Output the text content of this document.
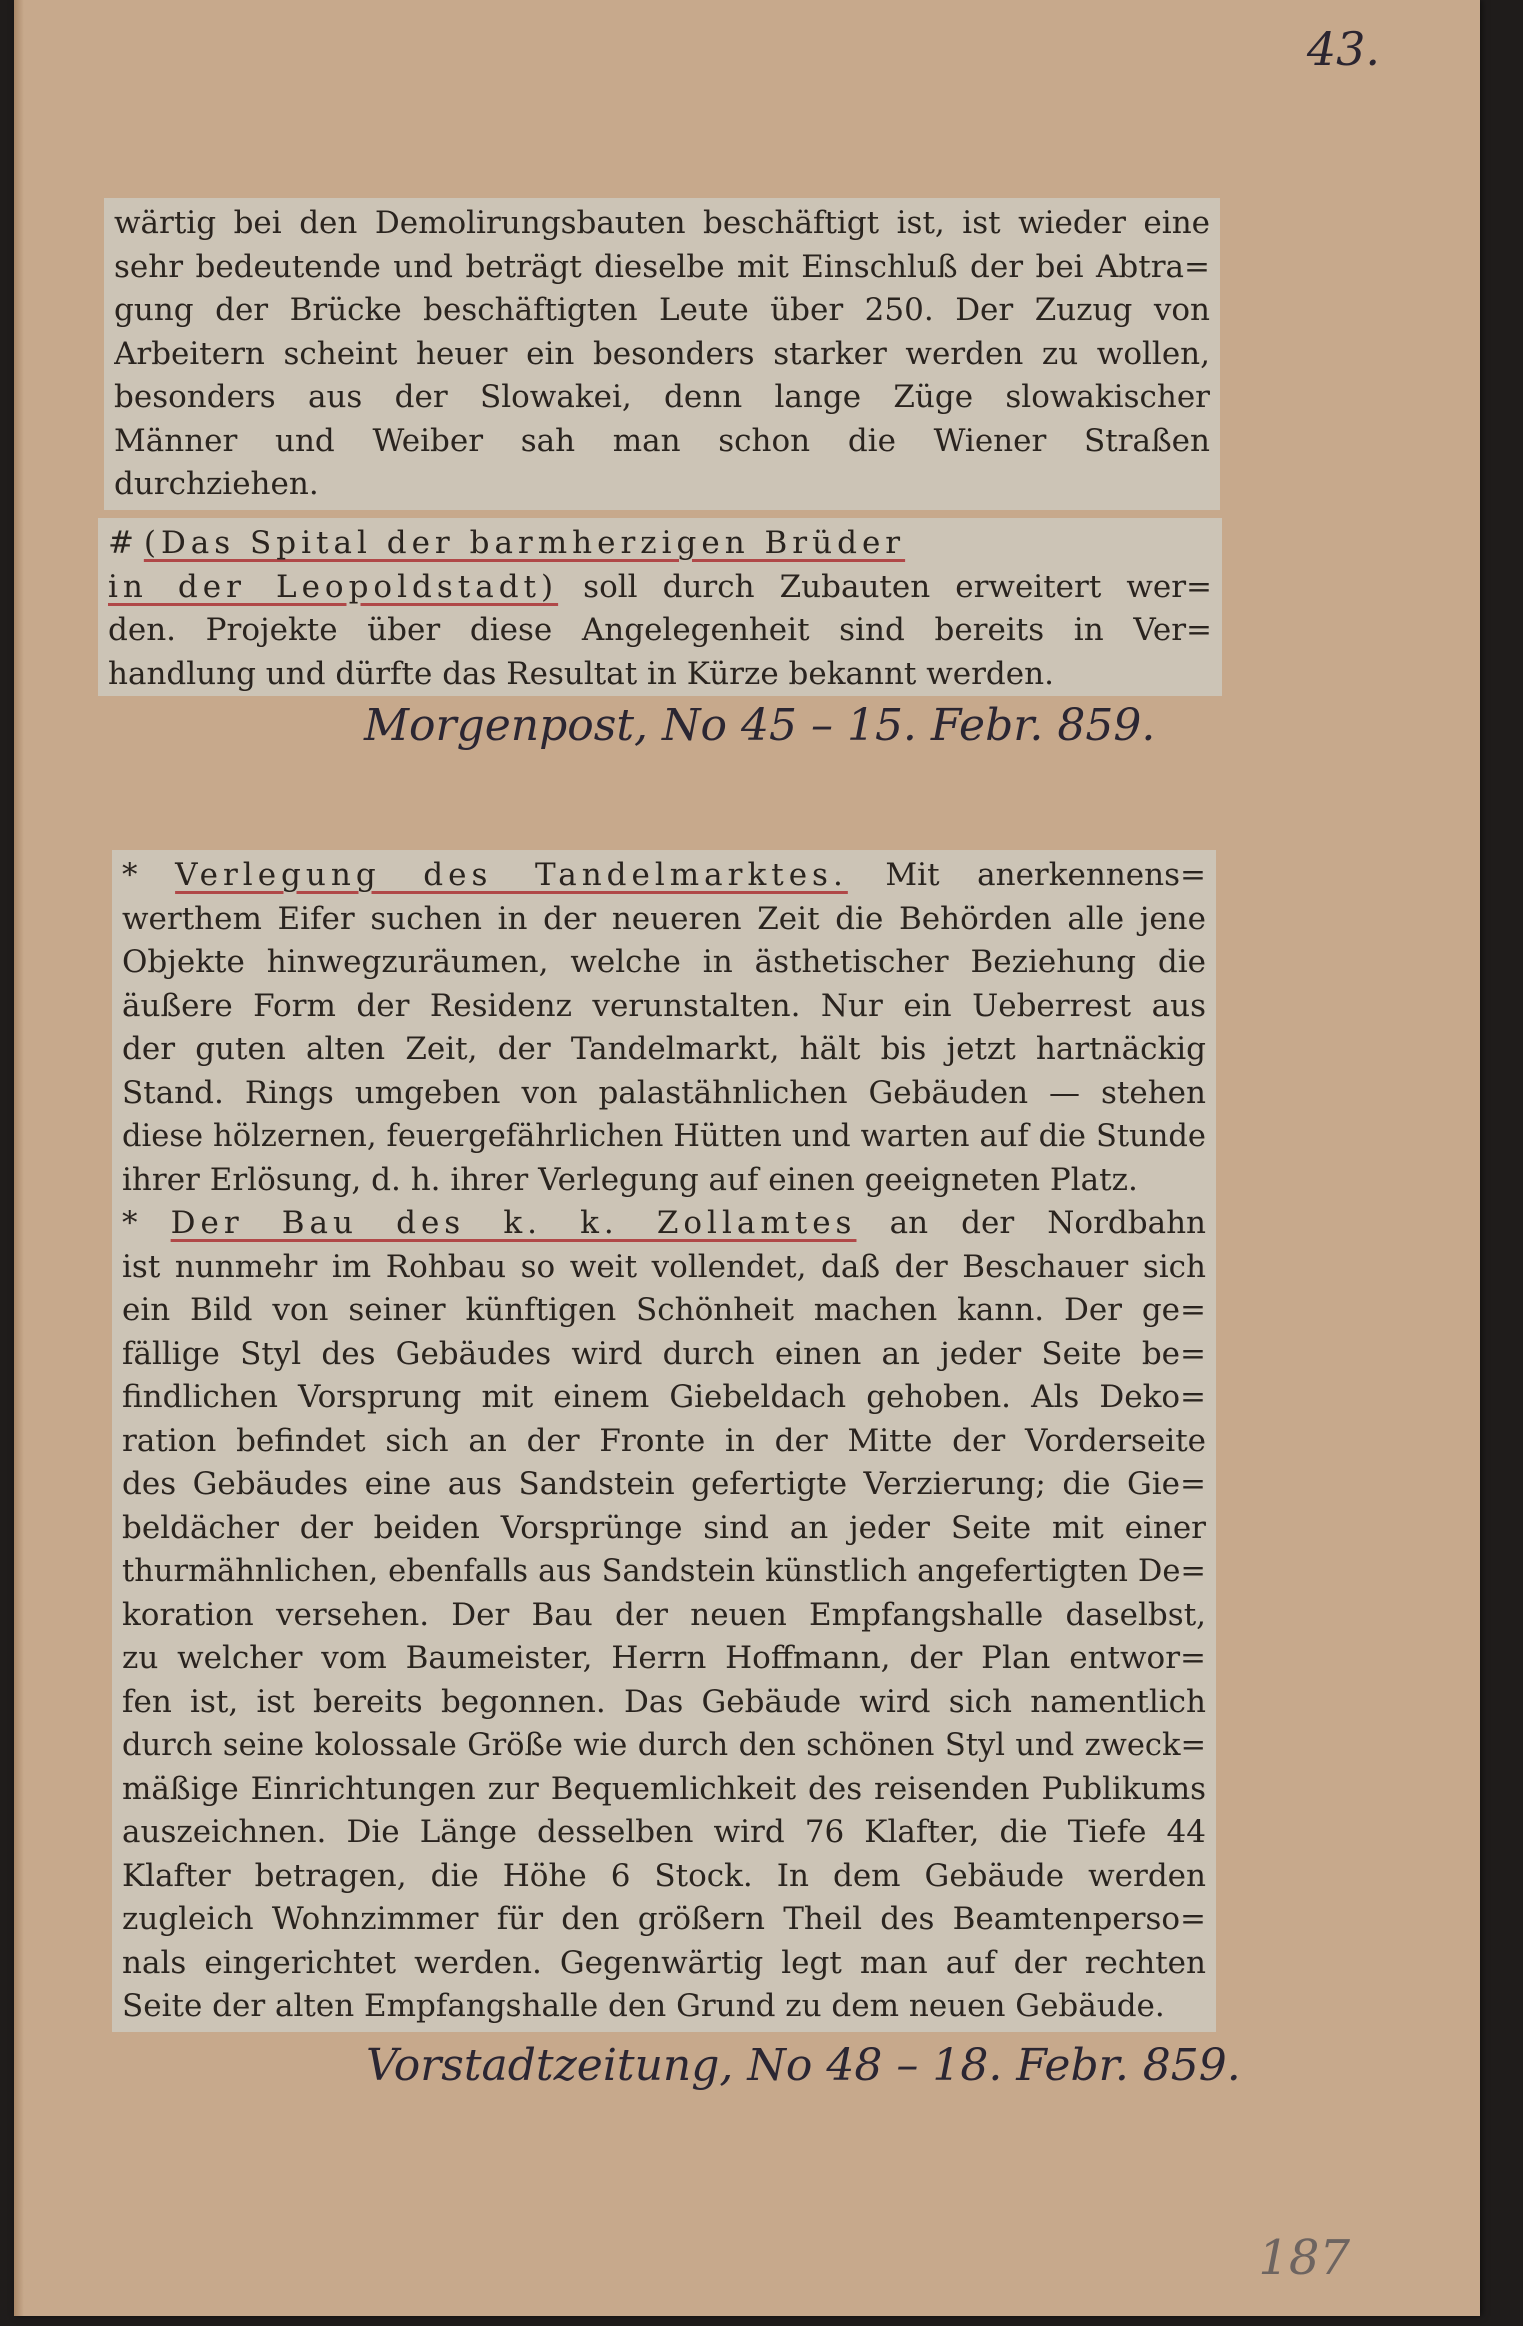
43.
wärtig bei den Demolirungsbauten beschäftigt ist, ist wieder eine
sehr bedeutende und beträgt dieselbe mit Einschluß der bei Abtra=
gung der Brücke beschäftigten Leute über 250. Der Zuzug von
Arbeitern scheint heuer ein besonders starker werden zu wollen,
besonders aus der Slowakei, denn lange Züge slowakischer
Männer und Weiber sah man schon die Wiener Straßen
durchziehen.
# (Das Spital der barmherzigen Brüder
in der Leopoldstadt) soll durch Zubauten erweitert wer=
den. Projekte über diese Angelegenheit sind bereits in Ver=
handlung und dürfte das Resultat in Kürze bekannt werden.
Morgenpost, No 45 – 15. Febr. 859.
* Verlegung des Tandelmarktes. Mit anerkennens=
werthem Eifer suchen in der neueren Zeit die Behörden alle jene
Objekte hinwegzuräumen, welche in ästhetischer Beziehung die
äußere Form der Residenz verunstalten. Nur ein Ueberrest aus
der guten alten Zeit, der Tandelmarkt, hält bis jetzt hartnäckig
Stand. Rings umgeben von palastähnlichen Gebäuden — stehen
diese hölzernen, feuergefährlichen Hütten und warten auf die Stunde
ihrer Erlösung, d. h. ihrer Verlegung auf einen geeigneten Platz.
* Der Bau des k. k. Zollamtes an der Nordbahn
ist nunmehr im Rohbau so weit vollendet, daß der Beschauer sich
ein Bild von seiner künftigen Schönheit machen kann. Der ge=
fällige Styl des Gebäudes wird durch einen an jeder Seite be=
findlichen Vorsprung mit einem Giebeldach gehoben. Als Deko=
ration befindet sich an der Fronte in der Mitte der Vorderseite
des Gebäudes eine aus Sandstein gefertigte Verzierung; die Gie=
beldächer der beiden Vorsprünge sind an jeder Seite mit einer
thurmähnlichen, ebenfalls aus Sandstein künstlich angefertigten De=
koration versehen. Der Bau der neuen Empfangshalle daselbst,
zu welcher vom Baumeister, Herrn Hoffmann, der Plan entwor=
fen ist, ist bereits begonnen. Das Gebäude wird sich namentlich
durch seine kolossale Größe wie durch den schönen Styl und zweck=
mäßige Einrichtungen zur Bequemlichkeit des reisenden Publikums
auszeichnen. Die Länge desselben wird 76 Klafter, die Tiefe 44
Klafter betragen, die Höhe 6 Stock. In dem Gebäude werden
zugleich Wohnzimmer für den größern Theil des Beamtenperso=
nals eingerichtet werden. Gegenwärtig legt man auf der rechten
Seite der alten Empfangshalle den Grund zu dem neuen Gebäude.
Vorstadtzeitung, No 48 – 18. Febr. 859.
187
